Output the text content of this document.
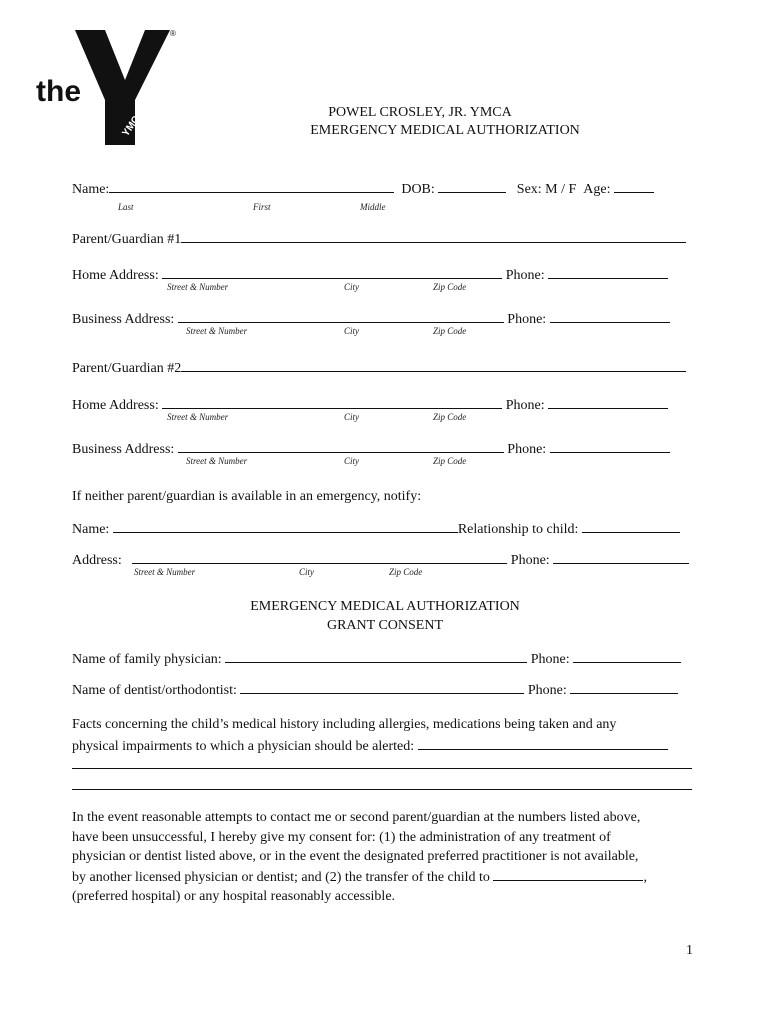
YMCA
the
®
POWEL CROSLEY, JR. YMCA
EMERGENCY MEDICAL AUTHORIZATION
Name:	DOB:	Sex: M / F Age:
Last	First	Middle
Parent/Guardian #1
Home Address:	Phone:
Street & Number	City	Zip Code
Business Address:	Phone:
Street & Number	City	Zip Code
Parent/Guardian #2
Home Address:	Phone:
Street & Number	City	Zip Code
Business Address:	Phone:
Street & Number	City	Zip Code
If neither parent/guardian is available in an emergency, notify:
Name:	Relationship to child:
Address:	Phone:
Street & Number	City	Zip Code
EMERGENCY MEDICAL AUTHORIZATION
GRANT CONSENT
Name of family physician:	Phone:
Name of dentist/orthodontist:	Phone:
Facts concerning the child’s medical history including allergies, medications being taken and any
physical impairments to which a physician should be alerted:
In the event reasonable attempts to contact me or second parent/guardian at the numbers listed above,
have been unsuccessful, I hereby give my consent for: (1) the administration of any treatment of
physician or dentist listed above, or in the event the designated preferred practitioner is not available,
by another licensed physician or dentist; and (2) the transfer of the child to	,
(preferred hospital) or any hospital reasonably accessible.
1
